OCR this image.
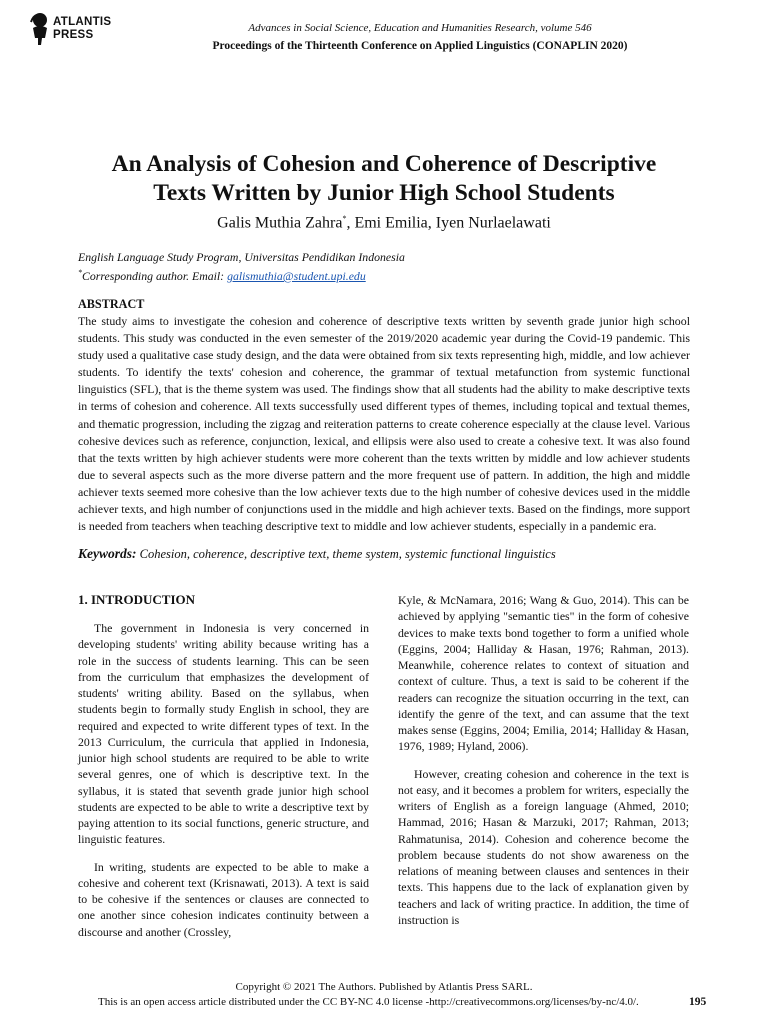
ATLANTIS
PRESS
Advances in Social Science, Education and Humanities Research, volume 546
Proceedings of the Thirteenth Conference on Applied Linguistics (CONAPLIN 2020)
An Analysis of Cohesion and Coherence of Descriptive
Texts Written by Junior High School Students
Galis Muthia Zahra*, Emi Emilia, Iyen Nurlaelawati
English Language Study Program, Universitas Pendidikan Indonesia
*Corresponding author. Email: galismuthia@student.upi.edu
ABSTRACT
The study aims to investigate the cohesion and coherence of descriptive texts written by seventh grade junior high school students. This study was conducted in the even semester of the 2019/2020 academic year during the Covid-19 pandemic. This study used a qualitative case study design, and the data were obtained from six texts representing high, middle, and low achiever students. To identify the texts' cohesion and coherence, the grammar of textual metafunction from systemic functional linguistics (SFL), that is the theme system was used. The findings show that all students had the ability to make descriptive texts in terms of cohesion and coherence. All texts successfully used different types of themes, including topical and textual themes, and thematic progression, including the zigzag and reiteration patterns to create coherence especially at the clause level. Various cohesive devices such as reference, conjunction, lexical, and ellipsis were also used to create a cohesive text. It was also found that the texts written by high achiever students were more coherent than the texts written by middle and low achiever students due to several aspects such as the more diverse pattern and the more frequent use of pattern. In addition, the high and middle achiever texts seemed more cohesive than the low achiever texts due to the high number of cohesive devices used in the middle achiever texts, and high number of conjunctions used in the middle and high achiever texts. Based on the findings, more support is needed from teachers when teaching descriptive text to middle and low achiever students, especially in a pandemic era.
Keywords: Cohesion, coherence, descriptive text, theme system, systemic functional linguistics

1. INTRODUCTION

The government in Indonesia is very concerned in developing students' writing ability because writing has a role in the success of students learning. This can be seen from the curriculum that emphasizes the development of students' writing ability. Based on the syllabus, when students begin to formally study English in school, they are required and expected to write different types of text. In the 2013 Curriculum, the curricula that applied in Indonesia, junior high school students are required to be able to write several genres, one of which is descriptive text. In the syllabus, it is stated that seventh grade junior high school students are expected to be able to write a descriptive text by paying attention to its social functions, generic structure, and linguistic features.

In writing, students are expected to be able to make a cohesive and coherent text (Krisnawati, 2013). A text is said to be cohesive if the sentences or clauses are connected to one another since cohesion indicates continuity between a discourse and another (Crossley,

Kyle, & McNamara, 2016; Wang & Guo, 2014). This can be achieved by applying "semantic ties" in the form of cohesive devices to make texts bond together to form a unified whole (Eggins, 2004; Halliday & Hasan, 1976; Rahman, 2013). Meanwhile, coherence relates to context of situation and context of culture. Thus, a text is said to be coherent if the readers can recognize the situation occurring in the text, can identify the genre of the text, and can assume that the text makes sense (Eggins, 2004; Emilia, 2014; Halliday & Hasan, 1976, 1989; Hyland, 2006).

However, creating cohesion and coherence in the text is not easy, and it becomes a problem for writers, especially the writers of English as a foreign language (Ahmed, 2010; Hammad, 2016; Hasan & Marzuki, 2017; Rahman, 2013; Rahmatunisa, 2014). Cohesion and coherence become the problem because students do not show awareness on the relations of meaning between clauses and sentences in their texts. This happens due to the lack of explanation given by teachers and lack of writing practice. In addition, the time of instruction is

Copyright © 2021 The Authors. Published by Atlantis Press SARL.
This is an open access article distributed under the CC BY-NC 4.0 license -http://creativecommons.org/licenses/by-nc/4.0/.	195
